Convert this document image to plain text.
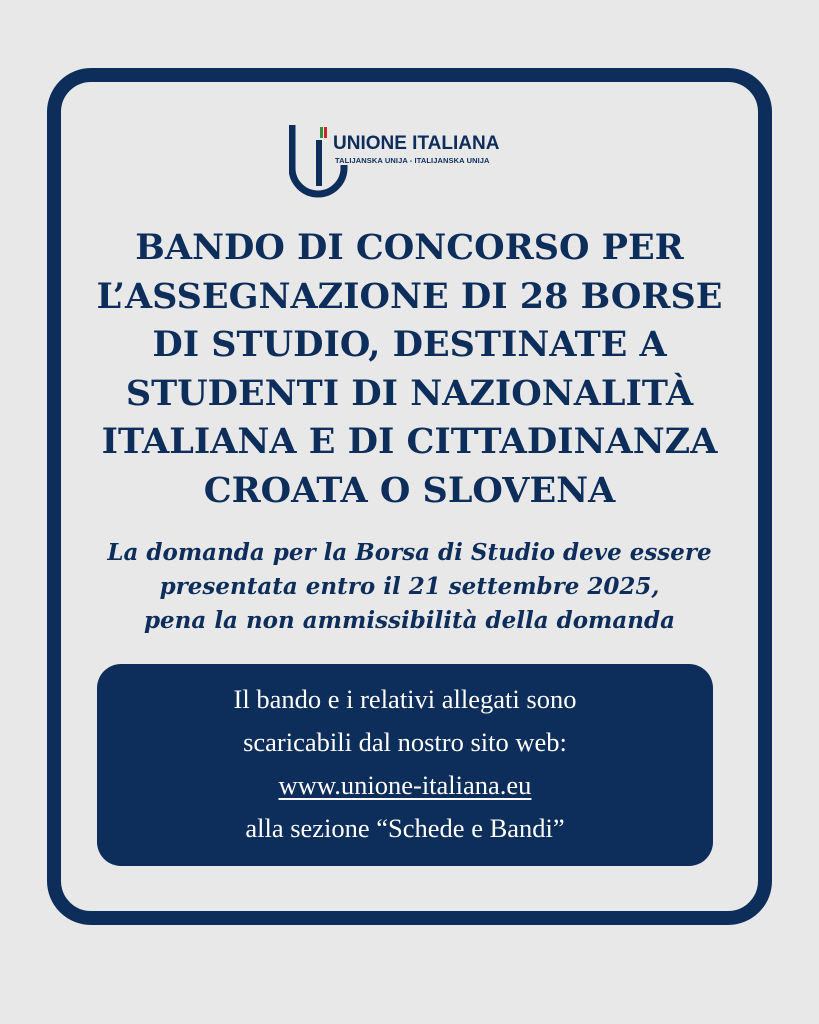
UNIONE ITALIANA
TALIJANSKA UNIJA - ITALIJANSKA UNIJA
BANDO DI CONCORSO PER
L’ASSEGNAZIONE DI 28 BORSE
DI STUDIO, DESTINATE A
STUDENTI DI NAZIONALITÀ
ITALIANA E DI CITTADINANZA
CROATA O SLOVENA

La domanda per la Borsa di Studio deve essere
presentata entro il 21 settembre 2025,
pena la non ammissibilità della domanda

Il bando e i relativi allegati sono
scaricabili dal nostro sito web:
www.unione-italiana.eu
alla sezione “Schede e Bandi”
